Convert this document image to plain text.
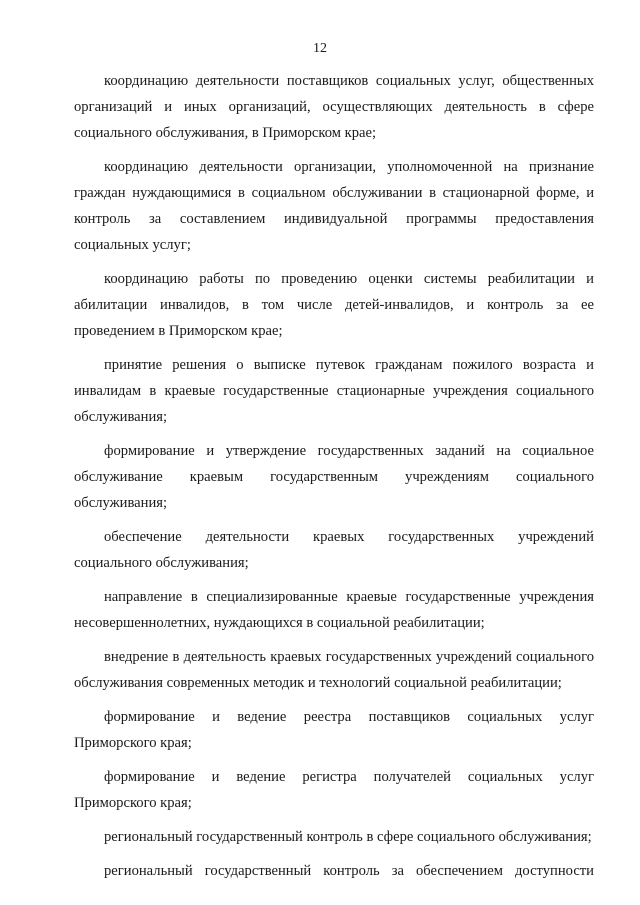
12

координацию деятельности поставщиков социальных услуг, общественных организаций и иных организаций, осуществляющих деятельность в сфере социального обслуживания, в Приморском крае;

координацию деятельности организации, уполномоченной на признание граждан нуждающимися в социальном обслуживании в стационарной форме, и контроль за составлением индивидуальной программы предоставления социальных услуг;

координацию работы по проведению оценки системы реабилитации и абилитации инвалидов, в том числе детей-инвалидов, и контроль за ее проведением в Приморском крае;

принятие решения о выписке путевок гражданам пожилого возраста и инвалидам в краевые государственные стационарные учреждения социального обслуживания;

формирование и утверждение государственных заданий на социальное обслуживание краевым государственным учреждениям социального обслуживания;

обеспечение деятельности краевых государственных учреждений социального обслуживания;

направление в специализированные краевые государственные учреждения несовершеннолетних, нуждающихся в социальной реабилитации;

внедрение в деятельность краевых государственных учреждений социального обслуживания современных методик и технологий социальной реабилитации;

формирование и ведение реестра поставщиков социальных услуг Приморского края;

формирование и ведение регистра получателей социальных услуг Приморского края;

региональный государственный контроль в сфере социального обслуживания;

региональный государственный контроль за обеспечением доступности
